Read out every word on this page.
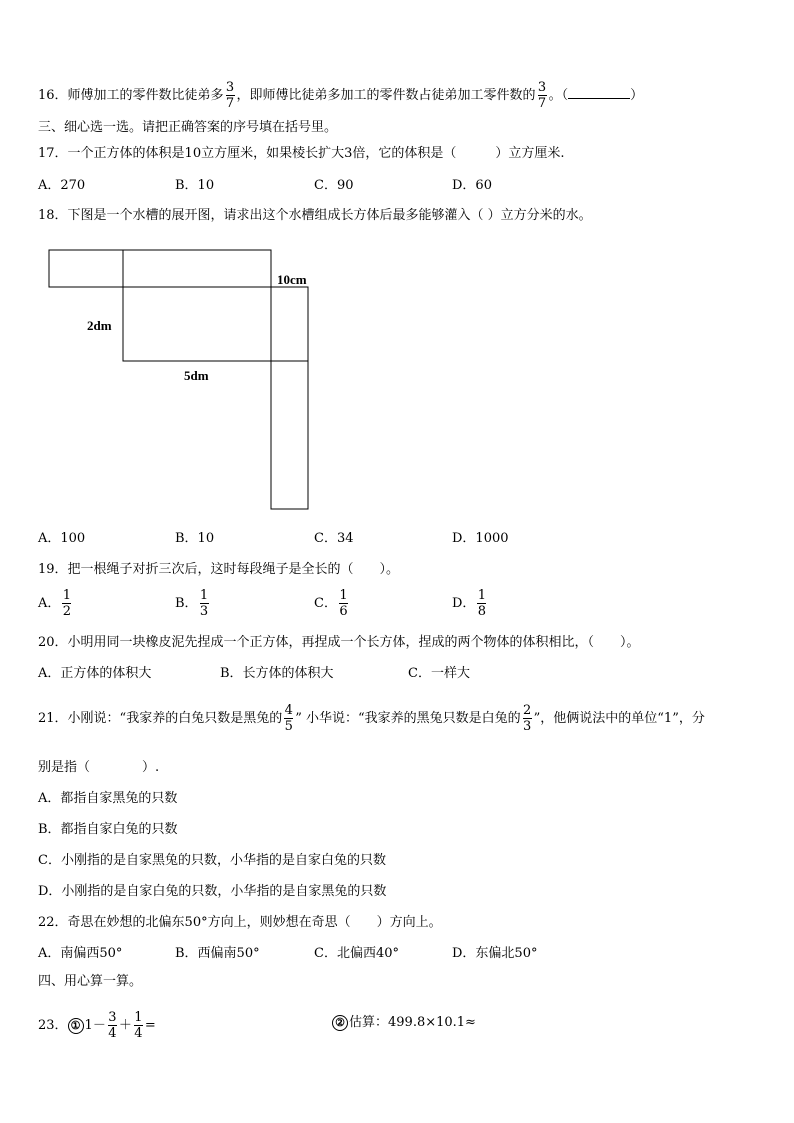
16．师傅加工的零件数比徒弟多 $\frac{3}{7}$ ，即师傅比徒弟多加工的零件数占徒弟加工零件数的 $\frac{3}{7}$ 。（	）
三、细心选一选。请把正确答案的序号填在括号里。
17．一个正方体的体积是10立方厘米，如果棱长扩大3倍，它的体积是（　　　）立方厘米.
A．270	B．10	C．90	D．60
18．下图是一个水槽的展开图，请求出这个水槽组成长方体后最多能够灌入（ ）立方分米的水。
10cm
2dm
5dm
A．100	B．10	C．34	D．1000
19．把一根绳子对折三次后，这时每段绳子是全长的（　　）。
A． $\frac{1}{2}$	B． $\frac{1}{3}$	C． $\frac{1}{6}$	D． $\frac{1}{8}$
20．小明用同一块橡皮泥先捏成一个正方体，再捏成一个长方体，捏成的两个物体的体积相比，（　　）。
A．正方体的体积大	B．长方体的体积大	C．一样大
21．小刚说：“我家养的白兔只数是黑兔的 $\frac{4}{5}$ ” 小华说：“我家养的黑兔只数是白兔的 $\frac{2}{3}$ ”，他俩说法中的单位“1”，分
别是指（　　　　）.
A．都指自家黑兔的只数
B．都指自家白兔的只数
C．小刚指的是自家黑兔的只数，小华指的是自家白兔的只数
D．小刚指的是自家白兔的只数，小华指的是自家黑兔的只数
22．奇思在妙想的北偏东50°方向上，则妙想在奇思（　　）方向上。
A．南偏西50°	B．西偏南50°	C．北偏西40°	D．东偏北50°
四、用心算一算。
23． ① $1- \frac{3}{4} + \frac{1}{4}$ =	② 估算：499.8×10.1≈
